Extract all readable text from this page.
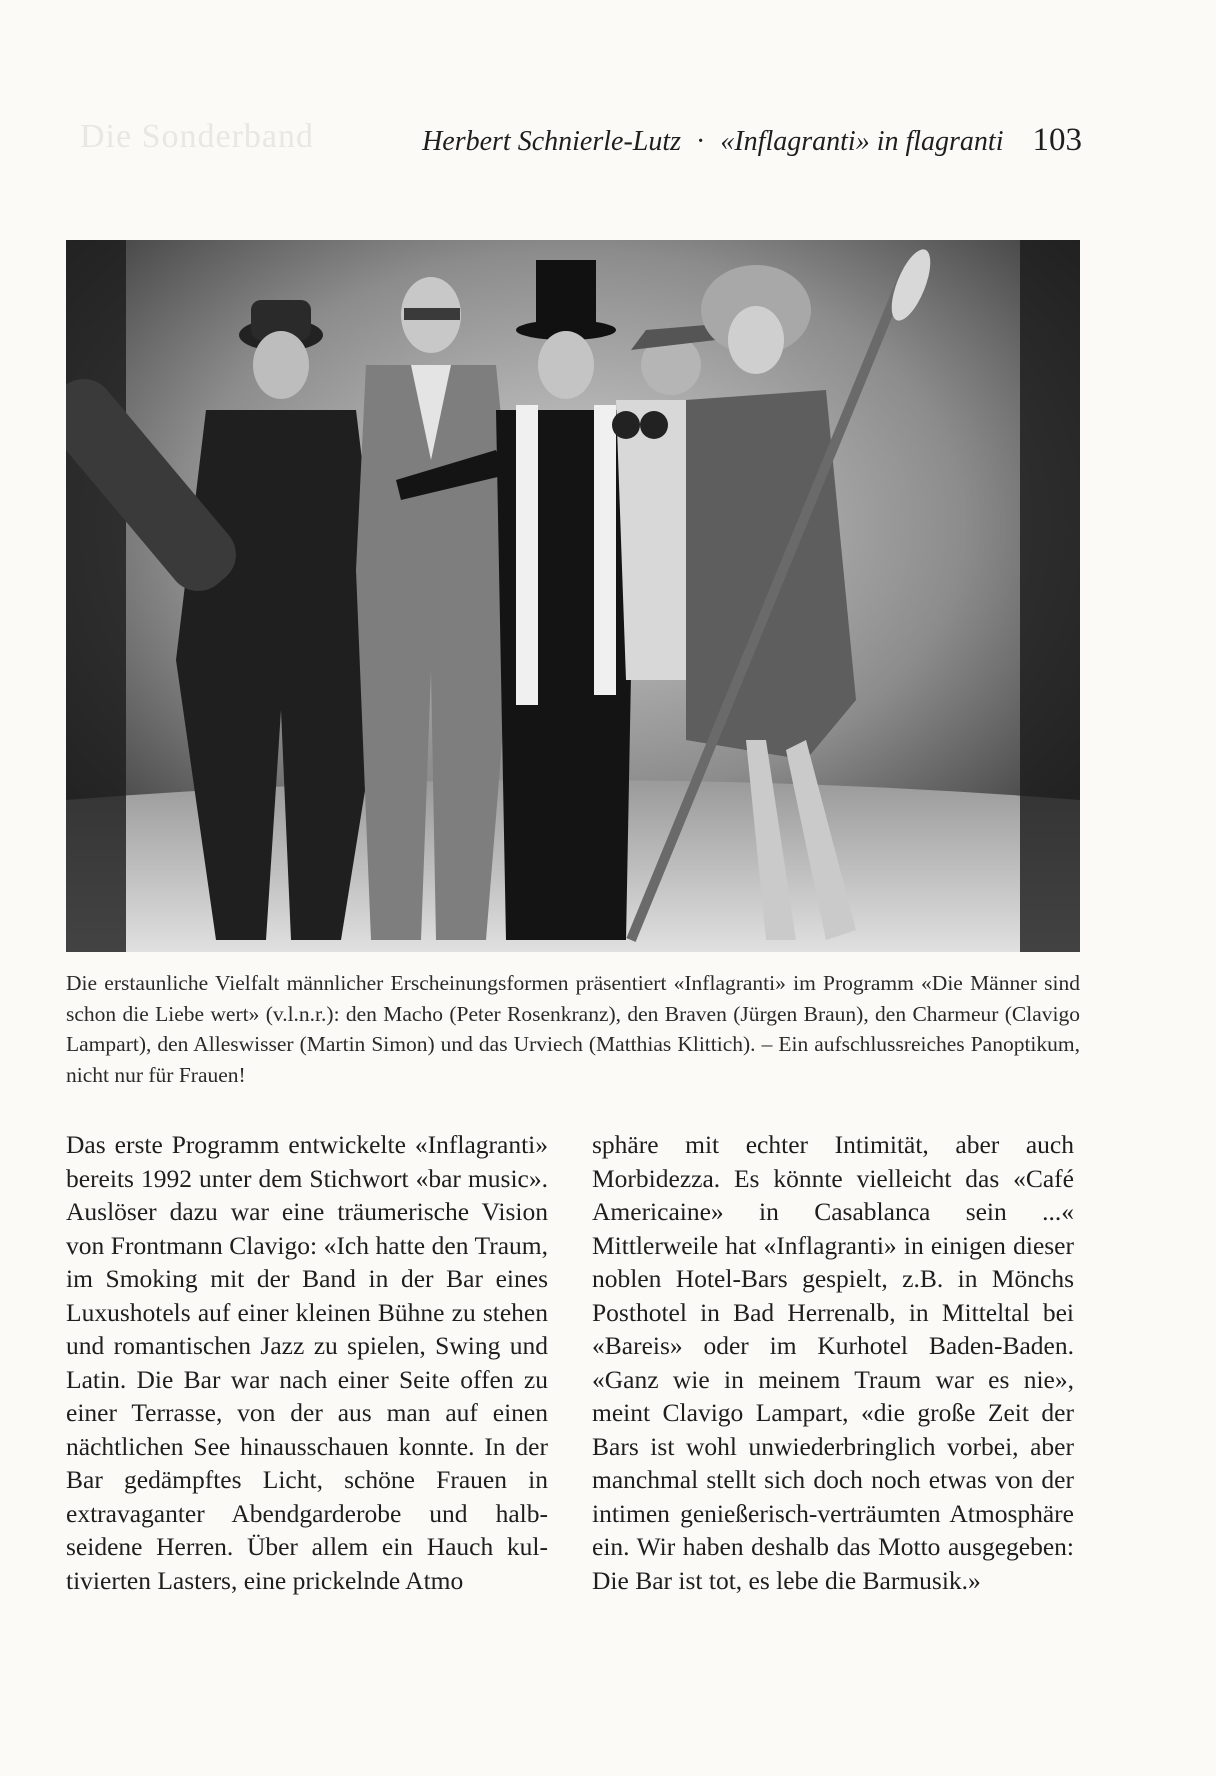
Die Sonderband	Herbert Schnierle-Lutz · «Inflagranti» in flagranti 103
Die erstaunliche Vielfalt männlicher Erscheinungsformen präsentiert «Inflagranti» im Programm «Die Männer sind schon die Liebe wert» (v.l.n.r.): den Macho (Peter Rosenkranz), den Braven (Jürgen Braun), den Charmeur (Clavigo Lampart), den Alleswisser (Martin Simon) und das Urviech (Matthias Klittich). – Ein aufschlussreiches Panoptikum, nicht nur für Frauen!

Das erste Programm entwickelte «Inflagranti» bereits 1992 unter dem Stichwort «bar music». Auslöser dazu war eine träumerische Vision von Frontmann Clavigo: «Ich hatte den Traum, im Smoking mit der Band in der Bar eines Luxushotels auf einer kleinen Bühne zu stehen und romantischen Jazz zu spielen, Swing und Latin. Die Bar war nach einer Seite offen zu einer Terrasse, von der aus man auf einen nächtlichen See hinausschauen konnte. In der Bar gedämpftes Licht, schöne Frauen in extravaganter Abendgarderobe und halbseidene Herren. Über allem ein Hauch kultivierten Lasters, eine prickelnde Atmo

sphäre mit echter Intimität, aber auch Morbidezza. Es könnte vielleicht das «Café Americaine» in Casablanca sein ...« Mittlerweile hat «Inflagranti» in einigen dieser noblen Hotel-Bars gespielt, z.B. in Mönchs Posthotel in Bad Herrenalb, in Mitteltal bei «Bareis» oder im Kurhotel Baden-Baden. «Ganz wie in meinem Traum war es nie», meint Clavigo Lampart, «die große Zeit der Bars ist wohl unwiederbringlich vorbei, aber manchmal stellt sich doch noch etwas von der intimen genießerisch-verträumten Atmosphäre ein. Wir haben deshalb das Motto ausgegeben: Die Bar ist tot, es lebe die Barmusik.»
